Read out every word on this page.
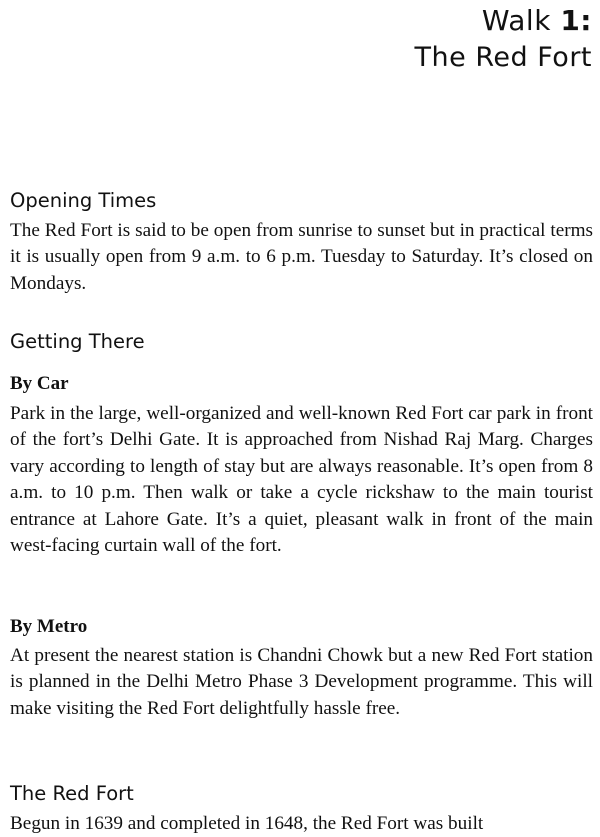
Walk 1:
The Red Fort
Opening Times

The Red Fort is said to be open from sunrise to sunset but in practical terms it is usually open from 9 a.m. to 6 p.m. Tuesday to Saturday. It’s closed on Mondays.

Getting There
By Car

Park in the large, well-organized and well-known Red Fort car park in front of the fort’s Delhi Gate. It is approached from Nishad Raj Marg. Charges vary according to length of stay but are always reasonable. It’s open from 8 a.m. to 10 p.m. Then walk or take a cycle rickshaw to the main tourist entrance at Lahore Gate. It’s a quiet, pleasant walk in front of the main west-facing curtain wall of the fort.

By Metro

At present the nearest station is Chandni Chowk but a new Red Fort station is planned in the Delhi Metro Phase 3 Development programme. This will make visiting the Red Fort delightfully hassle free.

The Red Fort

Begun in 1639 and completed in 1648, the Red Fort was built
